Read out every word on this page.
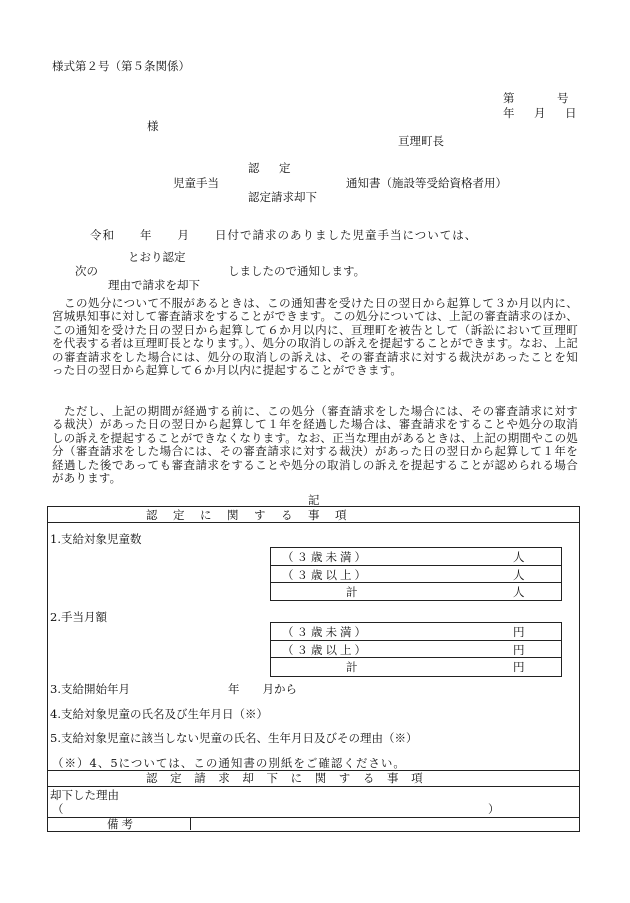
様式第２号（第５条関係）
第　　　号
年　月　日
様
亘理町長
認　定
児童手当	通知書（施設等受給資格者用）
認定請求却下
令和　　年　　月　　日付で請求のありました児童手当については、
とおり認定
次の	しましたので通知します。
理由で請求を却下
この処分について不服があるときは、この通知書を受けた日の翌日から起算して３か月以内に、宮城県知事に対して審査請求をすることができます。この処分については、上記の審査請求のほか、この通知を受けた日の翌日から起算して６か月以内に、亘理町を被告として（訴訟において亘理町を代表する者は亘理町長となります。）、処分の取消しの訴えを提起することができます。なお、上記の審査請求をした場合には、処分の取消しの訴えは、その審査請求に対する裁決があったことを知った日の翌日から起算して６か月以内に提起することができます。
ただし、上記の期間が経過する前に、この処分（審査請求をした場合には、その審査請求に対する裁決）があった日の翌日から起算して１年を経過した場合は、審査請求をすることや処分の取消しの訴えを提起することができなくなります。なお、正当な理由があるときは、上記の期間やこの処分（審査請求をした場合には、その審査請求に対する裁決）があった日の翌日から起算して１年を経過した後であっても審査請求をすることや処分の取消しの訴えを提起することが認められる場合があります。
記
認　定　に　関　す　る　事　項
1.支給対象児童数
（３歳未満）	人
（３歳以上）	人
計	人
2.手当月額
（３歳未満）	円
（３歳以上）	円
計	円
3.支給開始年月	年　　月から
4.支給対象児童の氏名及び生年月日（※）
5.支給対象児童に該当しない児童の氏名、生年月日及びその理由（※）
（※）4、5については、この通知書の別紙をご確認ください。
認定請求却下に関する事項
却下した理由
（	）
備考
